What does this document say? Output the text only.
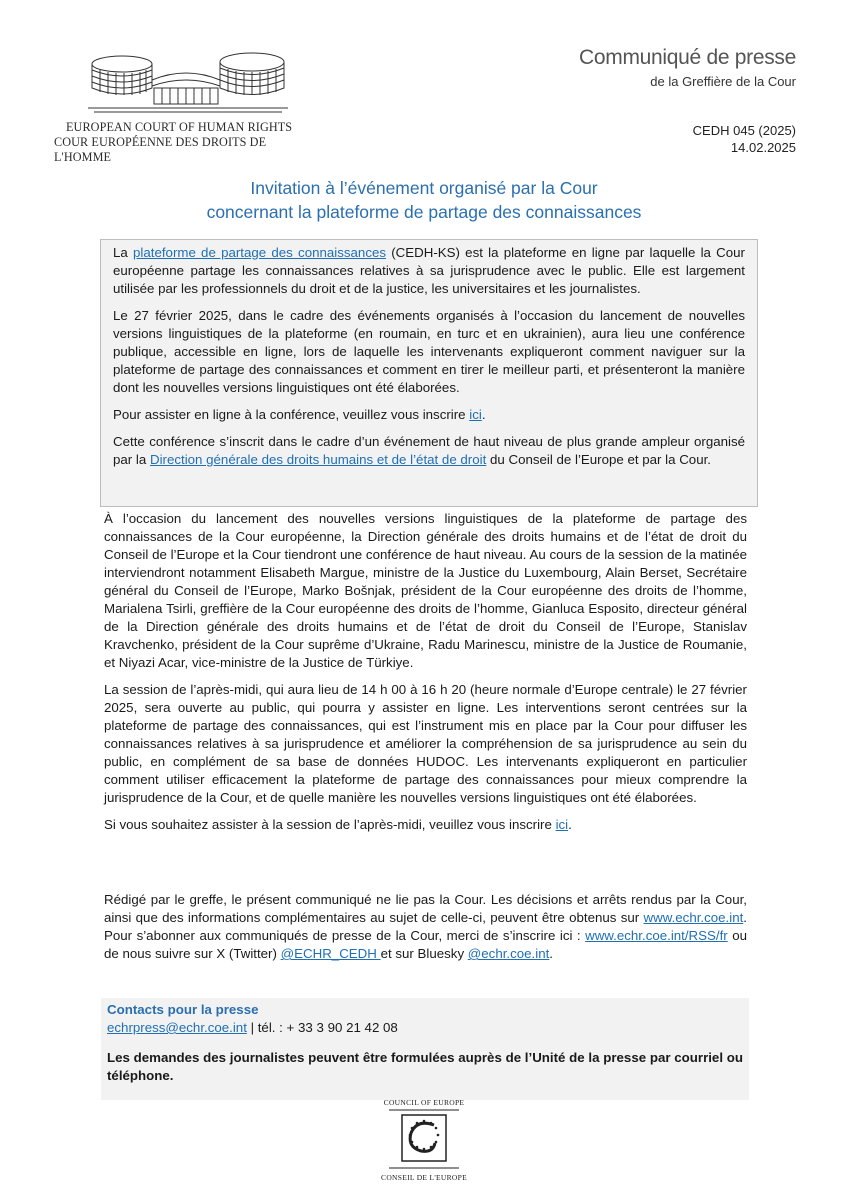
EUROPEAN COURT OF HUMAN RIGHTS
COUR EUROPÉENNE DES DROITS DE L'HOMME
Communiqué de presse
de la Greffière de la Cour
CEDH 045 (2025)
14.02.2025
Invitation à l’événement organisé par la Cour
concernant la plateforme de partage des connaissances

La plateforme de partage des connaissances (CEDH-KS) est la plateforme en ligne par laquelle la Cour européenne partage les connaissances relatives à sa jurisprudence avec le public. Elle est largement utilisée par les professionnels du droit et de la justice, les universitaires et les journalistes.

Le 27 février 2025, dans le cadre des événements organisés à l’occasion du lancement de nouvelles versions linguistiques de la plateforme (en roumain, en turc et en ukrainien), aura lieu une conférence publique, accessible en ligne, lors de laquelle les intervenants expliqueront comment naviguer sur la plateforme de partage des connaissances et comment en tirer le meilleur parti, et présenteront la manière dont les nouvelles versions linguistiques ont été élaborées.

Pour assister en ligne à la conférence, veuillez vous inscrire ici.

Cette conférence s’inscrit dans le cadre d’un événement de haut niveau de plus grande ampleur organisé par la Direction générale des droits humains et de l’état de droit du Conseil de l’Europe et par la Cour.

À l’occasion du lancement des nouvelles versions linguistiques de la plateforme de partage des connaissances de la Cour européenne, la Direction générale des droits humains et de l’état de droit du Conseil de l’Europe et la Cour tiendront une conférence de haut niveau. Au cours de la session de la matinée interviendront notamment Elisabeth Margue, ministre de la Justice du Luxembourg, Alain Berset, Secrétaire général du Conseil de l’Europe, Marko Bošnjak, président de la Cour européenne des droits de l’homme, Marialena Tsirli, greffière de la Cour européenne des droits de l’homme, Gianluca Esposito, directeur général de la Direction générale des droits humains et de l’état de droit du Conseil de l’Europe, Stanislav Kravchenko, président de la Cour suprême d’Ukraine, Radu Marinescu, ministre de la Justice de Roumanie, et Niyazi Acar, vice-ministre de la Justice de Türkiye.

La session de l’après-midi, qui aura lieu de 14 h 00 à 16 h 20 (heure normale d’Europe centrale) le 27 février 2025, sera ouverte au public, qui pourra y assister en ligne. Les interventions seront centrées sur la plateforme de partage des connaissances, qui est l’instrument mis en place par la Cour pour diffuser les connaissances relatives à sa jurisprudence et améliorer la compréhension de sa jurisprudence au sein du public, en complément de sa base de données HUDOC. Les intervenants expliqueront en particulier comment utiliser efficacement la plateforme de partage des connaissances pour mieux comprendre la jurisprudence de la Cour, et de quelle manière les nouvelles versions linguistiques ont été élaborées.

Si vous souhaitez assister à la session de l’après-midi, veuillez vous inscrire ici.

Rédigé par le greffe, le présent communiqué ne lie pas la Cour. Les décisions et arrêts rendus par la Cour, ainsi que des informations complémentaires au sujet de celle-ci, peuvent être obtenus sur www.echr.coe.int. Pour s’abonner aux communiqués de presse de la Cour, merci de s’inscrire ici : www.echr.coe.int/RSS/fr ou de nous suivre sur X (Twitter) @ECHR_CEDH et sur Bluesky @echr.coe.int.

Contacts pour la presse
echrpress@echr.coe.int | tél. : + 33 3 90 21 42 08
Les demandes des journalistes peuvent être formulées auprès de l’Unité de la presse par courriel ou téléphone.
COUNCIL OF EUROPE
CONSEIL DE L'EUROPE
